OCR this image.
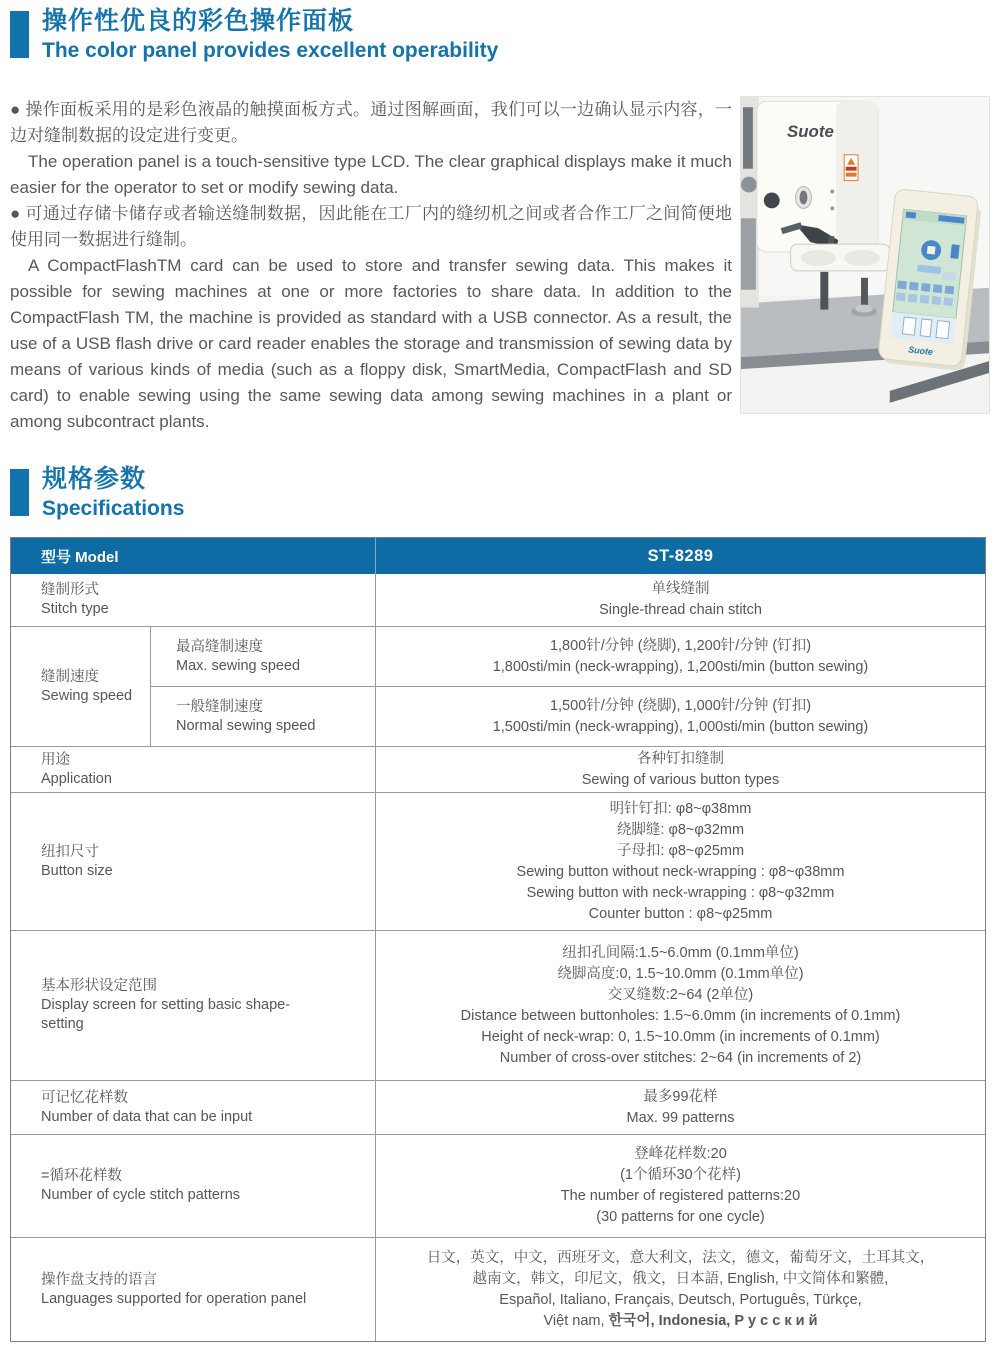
操作性优良的彩色操作面板
The color panel provides excellent operability

● 操作面板采用的是彩色液晶的触摸面板方式。通过图解画面，我们可以一边确认显示内容，一边对缝制数据的设定进行变更。

The operation panel is a touch-sensitive type LCD. The clear graphical displays make it much easier for the operator to set or modify sewing data.

● 可通过存储卡储存或者输送缝制数据，因此能在工厂内的缝纫机之间或者合作工厂之间简便地使用同一数据进行缝制。

A CompactFlashTM card can be used to store and transfer sewing data. This makes it possible for sewing machines at one or more factories to share data. In addition to the CompactFlash TM, the machine is provided as standard with a USB connector. As a result, the use of a USB flash drive or card reader enables the storage and transmission of sewing data by means of various kinds of media (such as a floppy disk, SmartMedia, CompactFlash and SD card) to enable sewing using the same sewing data among sewing machines in a plant or among subcontract plants.

Suote
Suote
规格参数
Specifications
型号 Model	ST-8289
缝制形式
Stitch type
单线缝制
Single-thread chain stitch
缝制速度
Sewing speed
最高缝制速度
Max. sewing speed
1,800针/分钟 (绕脚), 1,200针/分钟 (钉扣)
1,800sti/min (neck-wrapping), 1,200sti/min (button sewing)
一般缝制速度
Normal sewing speed
1,500针/分钟 (绕脚), 1,000针/分钟 (钉扣)
1,500sti/min (neck-wrapping), 1,000sti/min (button sewing)
用途
Application
各种钉扣缝制
Sewing of various button types
纽扣尺寸
Button size
明针钉扣: φ8~φ38mm
绕脚缝: φ8~φ32mm
子母扣: φ8~φ25mm
Sewing button without neck-wrapping : φ8~φ38mm
Sewing button with neck-wrapping : φ8~φ32mm
Counter button : φ8~φ25mm
基本形状设定范围
Display screen for setting basic shape-setting
纽扣孔间隔:1.5~6.0mm (0.1mm单位)
绕脚高度:0, 1.5~10.0mm (0.1mm单位)
交叉缝数:2~64 (2单位)
Distance between buttonholes: 1.5~6.0mm (in increments of 0.1mm)
Height of neck-wrap: 0, 1.5~10.0mm (in increments of 0.1mm)
Number of cross-over stitches: 2~64 (in increments of 2)
可记忆花样数
Number of data that can be input
最多99花样
Max. 99 patterns
=循环花样数
Number of cycle stitch patterns
登峰花样数:20
(1个循环30个花样)
The number of registered patterns:20
(30 patterns for one cycle)
操作盘支持的语言
Languages supported for operation panel
日文，英文，中文，西班牙文，意大利文，法文，德文，葡萄牙文，土耳其文，
越南文，韩文，印尼文，俄文，日本語, English, 中文简体和繁體,
Español, Italiano, Français, Deutsch, Português, Türkçe,
Việt nam, 한국어, Indonesia, Р у с с к и й
